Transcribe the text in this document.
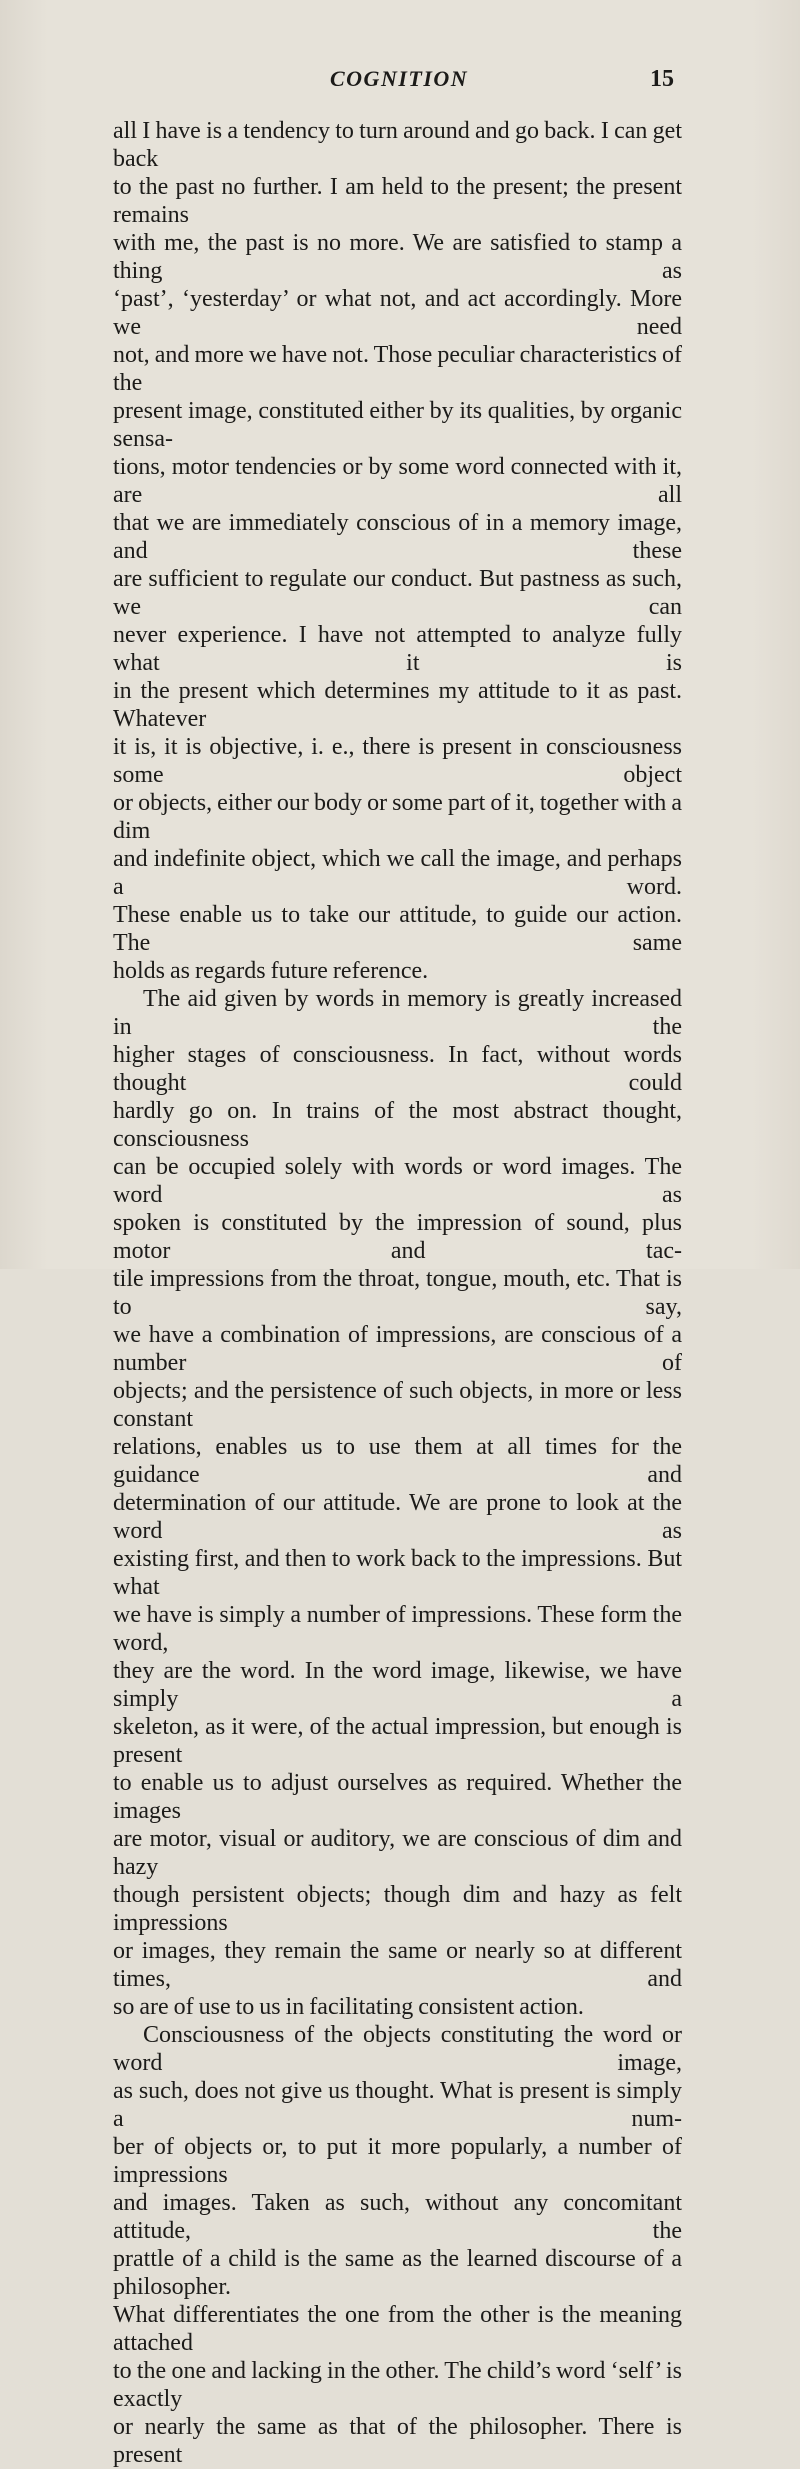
COGNITION	15
all I have is a tendency to turn around and go back. I can get back
to the past no further. I am held to the present; the present remains
with me, the past is no more. We are satisfied to stamp a thing as
‘past’, ‘yesterday’ or what not, and act accordingly. More we need
not, and more we have not. Those peculiar characteristics of the
present image, constituted either by its qualities, by organic sensa-
tions, motor tendencies or by some word connected with it, are all
that we are immediately conscious of in a memory image, and these
are sufficient to regulate our conduct. But pastness as such, we can
never experience. I have not attempted to analyze fully what it is
in the present which determines my attitude to it as past. Whatever
it is, it is objective, i. e., there is present in consciousness some object
or objects, either our body or some part of it, together with a dim
and indefinite object, which we call the image, and perhaps a word.
These enable us to take our attitude, to guide our action. The same
holds as regards future reference.
The aid given by words in memory is greatly increased in the
higher stages of consciousness. In fact, without words thought could
hardly go on. In trains of the most abstract thought, consciousness
can be occupied solely with words or word images. The word as
spoken is constituted by the impression of sound, plus motor and tac-
tile impressions from the throat, tongue, mouth, etc. That is to say,
we have a combination of impressions, are conscious of a number of
objects; and the persistence of such objects, in more or less constant
relations, enables us to use them at all times for the guidance and
determination of our attitude. We are prone to look at the word as
existing first, and then to work back to the impressions. But what
we have is simply a number of impressions. These form the word,
they are the word. In the word image, likewise, we have simply a
skeleton, as it were, of the actual impression, but enough is present
to enable us to adjust ourselves as required. Whether the images
are motor, visual or auditory, we are conscious of dim and hazy
though persistent objects; though dim and hazy as felt impressions
or images, they remain the same or nearly so at different times, and
so are of use to us in facilitating consistent action.
Consciousness of the objects constituting the word or word image,
as such, does not give us thought. What is present is simply a num-
ber of objects or, to put it more popularly, a number of impressions
and images. Taken as such, without any concomitant attitude, the
prattle of a child is the same as the learned discourse of a philosopher.
What differentiates the one from the other is the meaning attached
to the one and lacking in the other. The child’s word ‘self’ is exactly
or nearly the same as that of the philosopher. There is present
